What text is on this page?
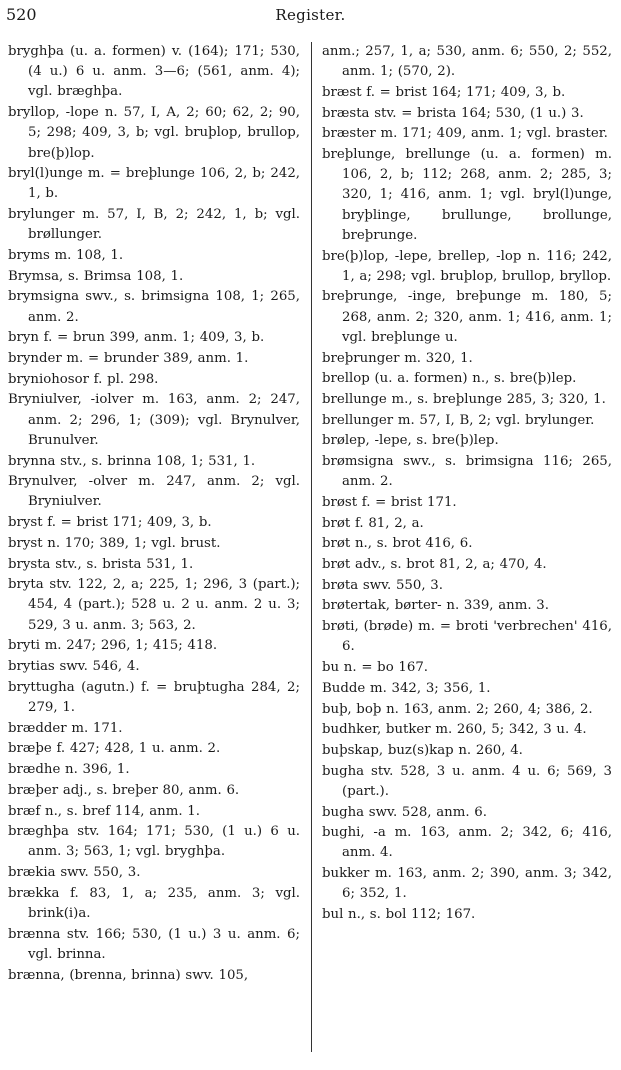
520	Register.
bryghþa (u. a. formen) v. (164); 171; 530, (4 u.) 6 u. anm. 3—6; (561, anm. 4); vgl. bræghþa.
bryllop, -lope n. 57, I, A, 2; 60; 62, 2; 90, 5; 298; 409, 3, b; vgl. bruþlop, brullop, bre(þ)lop.
bryl(l)unge m. = breþlunge 106, 2, b; 242, 1, b.
brylunger m. 57, I, B, 2; 242, 1, b; vgl. brøllunger.
bryms m. 108, 1.
Brymsa, s. Brimsa 108, 1.
brymsigna swv., s. brimsigna 108, 1; 265, anm. 2.
bryn f. = brun 399, anm. 1; 409, 3, b.
brynder m. = brunder 389, anm. 1.
bryniohosor f. pl. 298.
Bryniulver, -iolver m. 163, anm. 2; 247, anm. 2; 296, 1; (309); vgl. Brynulver, Brunulver.
brynna stv., s. brinna 108, 1; 531, 1.
Brynulver, -olver m. 247, anm. 2; vgl. Bryniulver.
bryst f. = brist 171; 409, 3, b.
bryst n. 170; 389, 1; vgl. brust.
brysta stv., s. brista 531, 1.
bryta stv. 122, 2, a; 225, 1; 296, 3 (part.); 454, 4 (part.); 528 u. 2 u. anm. 2 u. 3; 529, 3 u. anm. 3; 563, 2.
bryti m. 247; 296, 1; 415; 418.
brytias swv. 546, 4.
bryttugha (agutn.) f. = bruþtugha 284, 2; 279, 1.
brædder m. 171.
bræþe f. 427; 428, 1 u. anm. 2.
brædhe n. 396, 1.
bræþer adj., s. breþer 80, anm. 6.
bræf n., s. bref 114, anm. 1.
bræghþa stv. 164; 171; 530, (1 u.) 6 u. anm. 3; 563, 1; vgl. bryghþa.
brækia swv. 550, 3.
brækka f. 83, 1, a; 235, anm. 3; vgl. brink(i)a.
brænna stv. 166; 530, (1 u.) 3 u. anm. 6; vgl. brinna.
brænna, (brenna, brinna) swv. 105,
anm.; 257, 1, a; 530, anm. 6; 550, 2; 552, anm. 1; (570, 2).
bræst f. = brist 164; 171; 409, 3, b.
bræsta stv. = brista 164; 530, (1 u.) 3.
bræster m. 171; 409, anm. 1; vgl. braster.
breþlunge, brellunge (u. a. formen) m. 106, 2, b; 112; 268, anm. 2; 285, 3; 320, 1; 416, anm. 1; vgl. bryl(l)unge, bryþlinge, brullunge, brollunge, breþrunge.
bre(þ)lop, -lepe, brellep, -lop n. 116; 242, 1, a; 298; vgl. bruþlop, brullop, bryllop.
breþrunge, -inge, breþunge m. 180, 5; 268, anm. 2; 320, anm. 1; 416, anm. 1; vgl. breþlunge u.
breþrunger m. 320, 1.
brellop (u. a. formen) n., s. bre(þ)lep.
brellunge m., s. breþlunge 285, 3; 320, 1.
brellunger m. 57, I, B, 2; vgl. brylunger.
brølep, -lepe, s. bre(þ)lep.
brømsigna swv., s. brimsigna 116; 265, anm. 2.
brøst f. = brist 171.
brøt f. 81, 2, a.
brøt n., s. brot 416, 6.
brøt adv., s. brot 81, 2, a; 470, 4.
brøta swv. 550, 3.
brøtertak, børter- n. 339, anm. 3.
brøti, (brøde) m. = broti 'verbrechen' 416, 6.
bu n. = bo 167.
Budde m. 342, 3; 356, 1.
buþ, boþ n. 163, anm. 2; 260, 4; 386, 2.
budhker, butker m. 260, 5; 342, 3 u. 4.
buþskap, buz(s)kap n. 260, 4.
bugha stv. 528, 3 u. anm. 4 u. 6; 569, 3 (part.).
bugha swv. 528, anm. 6.
bughi, -a m. 163, anm. 2; 342, 6; 416, anm. 4.
bukker m. 163, anm. 2; 390, anm. 3; 342, 6; 352, 1.
bul n., s. bol 112; 167.
